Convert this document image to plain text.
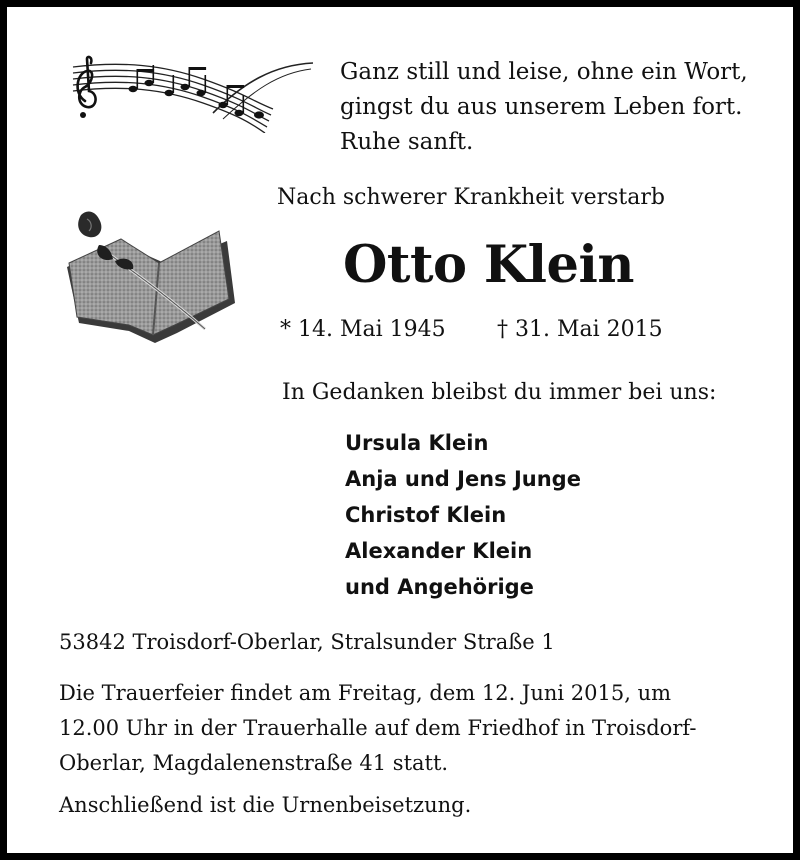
Ganz still und leise, ohne ein Wort,
gingst du aus unserem Leben fort.
Ruhe sanft.
Nach schwerer Krankheit verstarb
Otto Klein
* 14. Mai 1945 † 31. Mai 2015
In Gedanken bleibst du immer bei uns:
Ursula Klein
Anja und Jens Junge
Christof Klein
Alexander Klein
und Angehörige
53842 Troisdorf-Oberlar, Stralsunder Straße 1
Die Trauerfeier findet am Freitag, dem 12. Juni 2015, um
12.00 Uhr in der Trauerhalle auf dem Friedhof in Troisdorf-
Oberlar, Magdalenenstraße 41 statt.
Anschließend ist die Urnenbeisetzung.
